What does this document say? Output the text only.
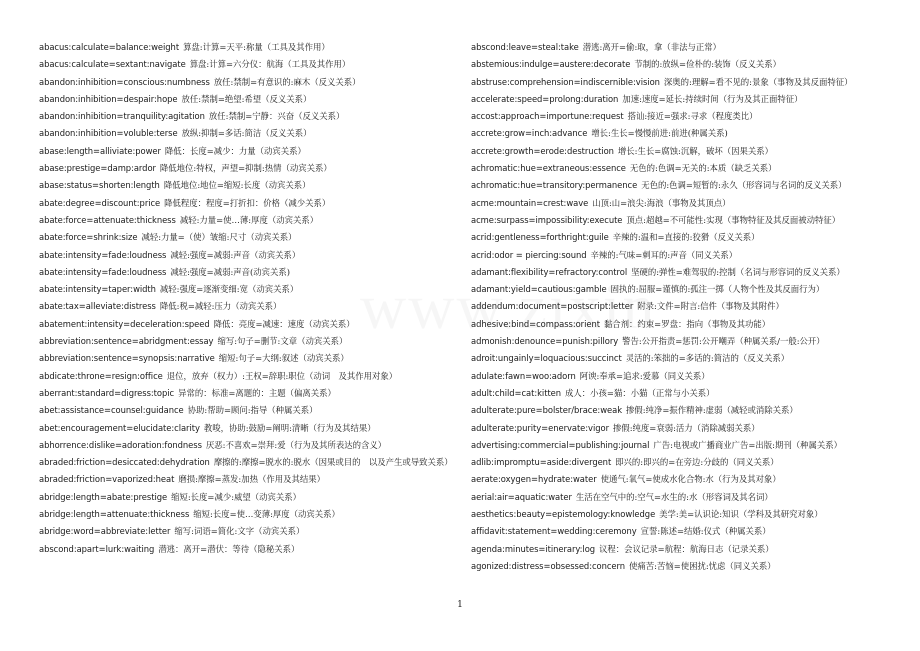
abacus:calculate=balance:weight 算盘:计算=天平:称量（工具及其作用）
abacus:calculate=sextant:navigate 算盘:计算=六分仪：航海（工具及其作用）
abandon:inhibition=conscious:numbness 放任:禁制=有意识的:麻木（反义关系）
abandon:inhibition=despair:hope 放任:禁制=绝望:希望（反义关系）
abandon:inhibition=tranquility:agitation 放任:禁制=宁静：兴奋（反义关系）
abandon:inhibition=voluble:terse 放纵:抑制=多话:简洁（反义关系）
abase:length=alliviate:power 降低：长度=减少：力量（动宾关系）
abase:prestige=damp:ardor 降低地位:特权，声望=抑制:热情（动宾关系）
abase:status=shorten:length 降低地位:地位=缩短:长度（动宾关系）
abate:degree=discount:price 降低程度：程度=打折扣：价格（减少关系）
abate:force=attenuate:thickness 减轻:力量=使…薄:厚度（动宾关系）
abate:force=shrink:size 减轻:力量=（使）皱缩:尺寸（动宾关系）
abate:intensity=fade:loudness 减轻:强度=减弱:声音（动宾关系）
abate:intensity=fade:loudness 减轻:强度=减弱:声音(动宾关系)
abate:intensity=taper:width 减轻:强度=逐渐变细:宽（动宾关系）
abate:tax=alleviate:distress 降低:税=减轻:压力（动宾关系）
abatement:intensity=deceleration:speed 降低：亮度=减速：速度（动宾关系）
abbreviation:sentence=abridgment:essay 缩写:句子=删节:文章（动宾关系）
abbreviation:sentence=synopsis:narrative 缩短:句子=大纲:叙述（动宾关系）
abdicate:throne=resign:office 退位，放弃（权力）:王权=辞职:职位（动词　及其作用对象）
aberrant:standard=digress:topic 异常的：标准=离题的：主题（偏离关系）
abet:assistance=counsel:guidance 协助:帮助=顾问:指导（种属关系）
abet:encouragement=elucidate:clarity 教唆，协助:鼓励=阐明:清晰（行为及其结果）
abhorrence:dislike=adoration:fondness 厌恶:不喜欢=崇拜:爱（行为及其所表达的含义）
abraded:friction=desiccated:dehydration 摩擦的:摩擦=脱水的:脱水（因果或目的　以及产生或导致关系）
abraded:friction=vaporized:heat 磨损:摩擦=蒸发:加热（作用及其结果）
abridge:length=abate:prestige 缩短:长度=减少:威望（动宾关系）
abridge:length=attenuate:thickness 缩短:长度=使…变薄:厚度（动宾关系）
abridge:word=abbreviate:letter 缩写:词语=简化:文字（动宾关系）
abscond:apart=lurk:waiting 潜逃：离开=潜伏：等待（隐秘关系）
abscond:leave=steal:take 潜逃:离开=偷:取，拿（非法与正常）
abstemious:indulge=austere:decorate 节制的:放纵=俭朴的:装饰（反义关系）
abstruse:comprehension=indiscernible:vision 深奥的:理解=看不见的:景象（事物及其反面特征）
accelerate:speed=prolong:duration 加速:速度=延长:持续时间（行为及其正面特征）
accost:approach=importune:request 搭讪:接近=强求:寻求（程度类比）
accrete:grow=inch:advance 增长:生长=慢慢前进:前进(种属关系)
accrete:growth=erode:destruction 增长:生长=腐蚀:沉解，破坏（因果关系）
achromatic:hue=extraneous:essence 无色的:色调=无关的:本质（缺乏关系）
achromatic:hue=transitory:permanence 无色的:色调=短暂的:永久（形容词与名词的反义关系）
acme:mountain=crest:wave 山顶:山=浪尖:海浪（事物及其顶点）
acme:surpass=impossibility:execute 顶点:超越=不可能性:实现（事物特征及其反面被动特征）
acrid:gentleness=forthright:guile 辛辣的:温和=直接的:狡猾（反义关系）
acrid:odor = piercing:sound 辛辣的:气味=刺耳的:声音（同义关系）
adamant:flexibility=refractory:control 坚硬的:弹性=难驾驭的:控制（名词与形容词的反义关系）
adamant:yield=cautious:gamble 固执的:屈服=谨慎的:孤注一掷（人物个性及其反面行为）
addendum:document=postscript:letter 附录:文件=附言:信件（事物及其附件）
adhesive:bind=compass:orient 黏合剂：约束=罗盘：指向（事物及其功能）
admonish:denounce=punish:pillory 警告:公开指责=惩罚:公开嘲弄（种属关系/一般:公开）
adroit:ungainly=loquacious:succinct 灵活的:笨拙的=多话的:简洁的（反义关系）
adulate:fawn=woo:adorn 阿谀:奉承=追求:爱慕（同义关系）
adult:child=cat:kitten 成人：小孩=猫：小猫（正常与小关系）
adulterate:pure=bolster/brace:weak 掺假:纯净=振作精神:虚弱（减轻或消除关系）
adulterate:purity=enervate:vigor 掺假:纯度=衰弱:活力（消除减弱关系）
advertising:commercial=publishing:journal 广告:电视或广播商业广告=出版:期刊（种属关系）
adlib:impromptu=aside:divergent 即兴的:即兴的=在旁边:分歧的（同义关系）
aerate:oxygen=hydrate:water 使通气:氧气=使成水化合物:水（行为及其对象）
aerial:air=aquatic:water 生活在空气中的:空气=水生的:水（形容词及其名词）
aesthetics:beauty=epistemology:knowledge 美学:美=认识论:知识（学科及其研究对象）
affidavit:statement=wedding:ceremony 宣誓:陈述=结婚:仪式（种属关系）
agenda:minutes=itinerary:log 议程：会议记录=航程：航海日志（记录关系）
agonized:distress=obsessed:concern 使痛苦:苦恼=使困扰:忧虑（同义关系）
1
